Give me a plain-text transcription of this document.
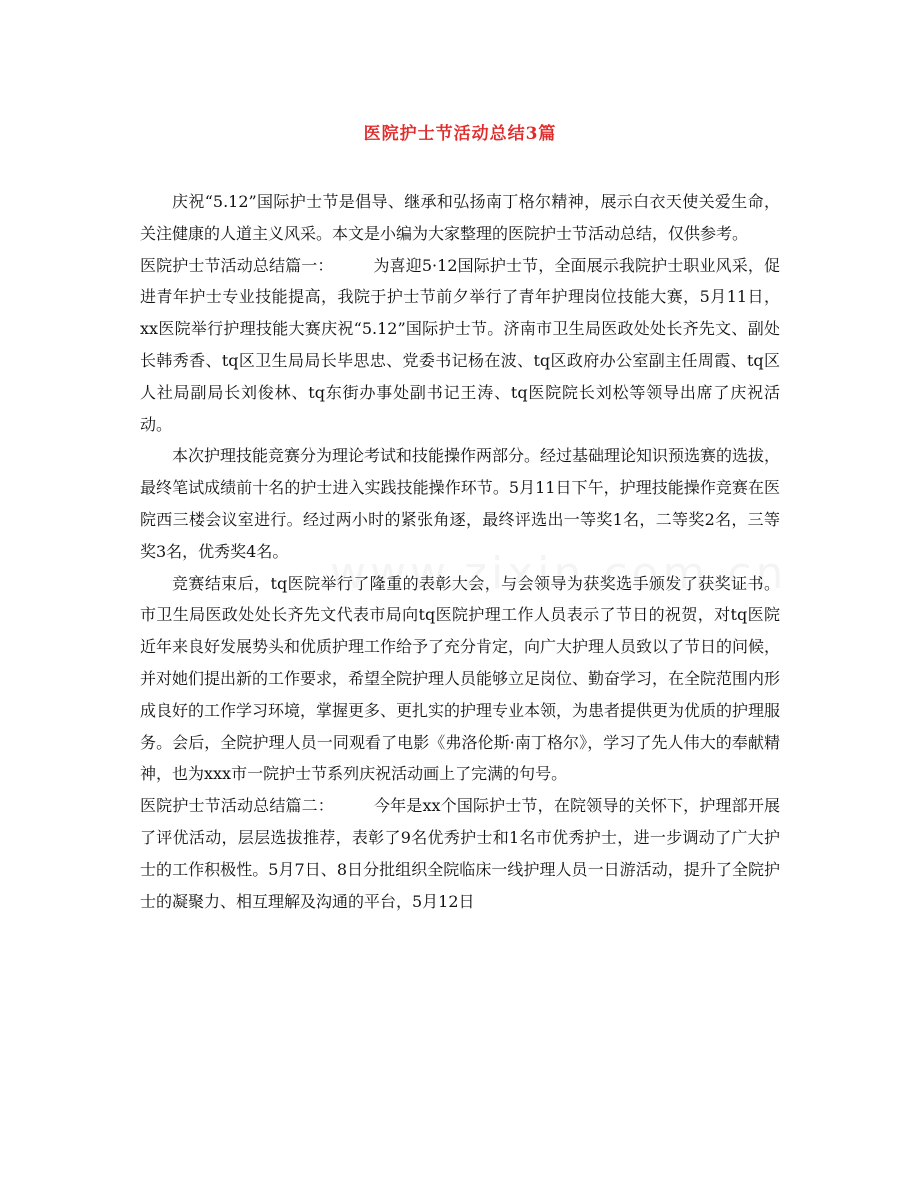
医院护士节活动总结3篇

庆祝“5.12”国际护士节是倡导、继承和弘扬南丁格尔精神，展示白衣天使关爱生命，关注健康的人道主义风采。本文是小编为大家整理的医院护士节活动总结，仅供参考。

医院护士节活动总结篇一：	为喜迎5·12国际护士节，全面展示我院护士职业风采，促进青年护士专业技能提高，我院于护士节前夕举行了青年护理岗位技能大赛，5月11日，xx医院举行护理技能大赛庆祝“5.12”国际护士节。济南市卫生局医政处处长齐先文、副处长韩秀香、tq区卫生局局长毕思忠、党委书记杨在波、tq区政府办公室副主任周霞、tq区人社局副局长刘俊林、tq东街办事处副书记王涛、tq医院院长刘松等领导出席了庆祝活动。

本次护理技能竞赛分为理论考试和技能操作两部分。经过基础理论知识预选赛的选拔，最终笔试成绩前十名的护士进入实践技能操作环节。5月11日下午，护理技能操作竞赛在医院西三楼会议室进行。经过两小时的紧张角逐，最终评选出一等奖1名，二等奖2名，三等奖3名，优秀奖4名。

竞赛结束后，tq医院举行了隆重的表彰大会，与会领导为获奖选手颁发了获奖证书。市卫生局医政处处长齐先文代表市局向tq医院护理工作人员表示了节日的祝贺，对tq医院近年来良好发展势头和优质护理工作给予了充分肯定，向广大护理人员致以了节日的问候，并对她们提出新的工作要求，希望全院护理人员能够立足岗位、勤奋学习，在全院范围内形成良好的工作学习环境，掌握更多、更扎实的护理专业本领，为患者提供更为优质的护理服务。会后，全院护理人员一同观看了电影《弗洛伦斯·南丁格尔》，学习了先人伟大的奉献精神，也为xxx市一院护士节系列庆祝活动画上了完满的句号。

医院护士节活动总结篇二：	今年是xx个国际护士节，在院领导的关怀下，护理部开展了评优活动，层层选拔推荐，表彰了9名优秀护士和1名市优秀护士，进一步调动了广大护士的工作积极性。5月7日、8日分批组织全院临床一线护理人员一日游活动，提升了全院护士的凝聚力、相互理解及沟通的平台，5月12日
